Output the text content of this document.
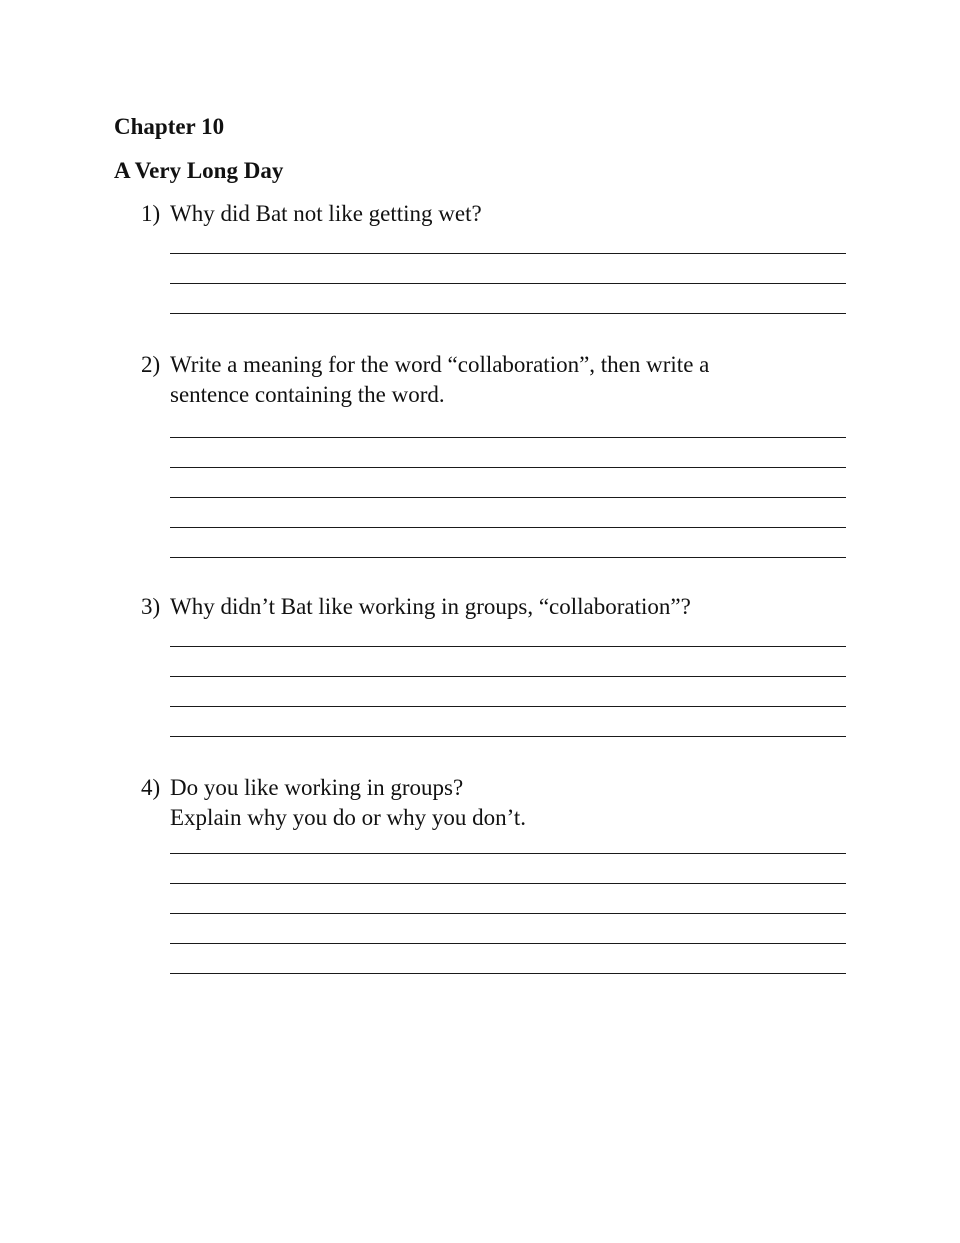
Chapter 10
A Very Long Day
1) Why did Bat not like getting wet?
2) Write a meaning for the word “collaboration”, then write a
sentence containing the word.
3) Why didn’t Bat like working in groups, “collaboration”?
4) Do you like working in groups?
Explain why you do or why you don’t.
